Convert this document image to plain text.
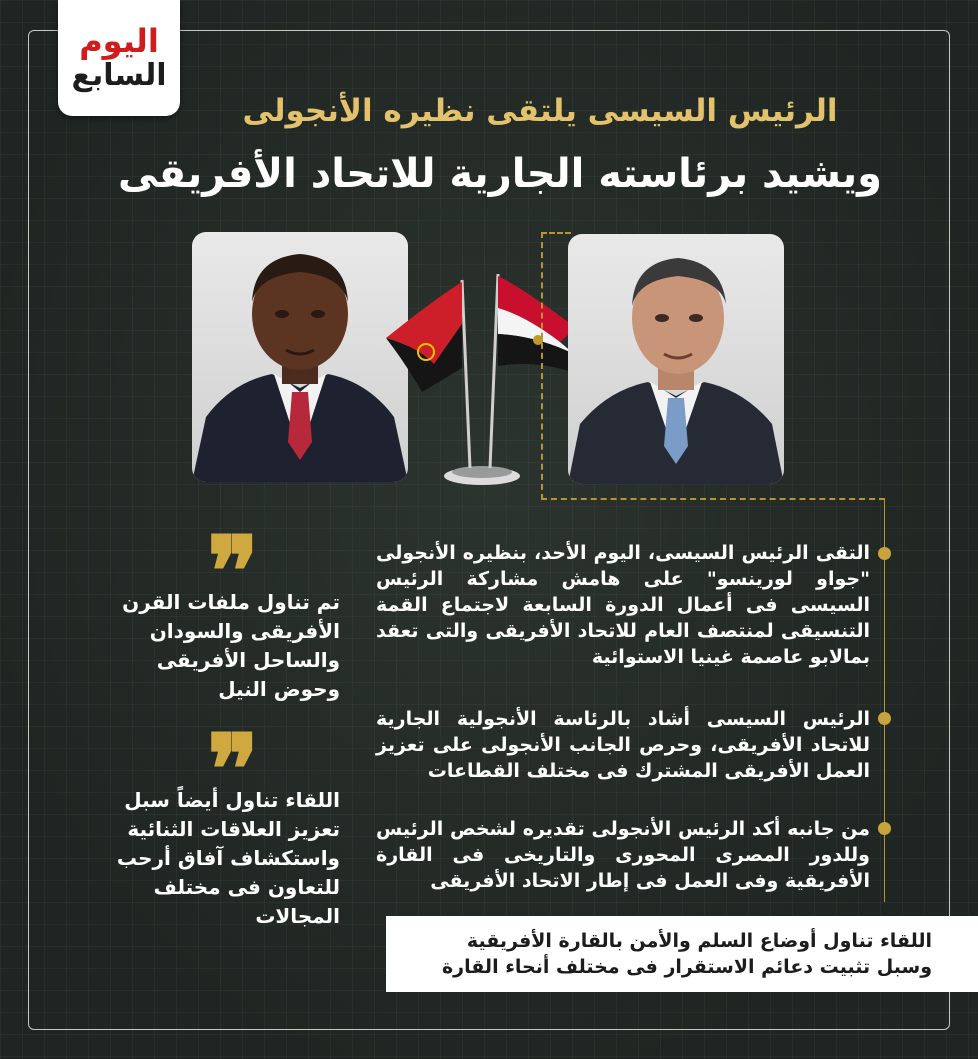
اليوم
السابع
الرئيس السيسى يلتقى نظيره الأنجولى
ويشيد برئاسته الجارية للاتحاد الأفريقى
التقى الرئيس السيسى، اليوم الأحد، بنظيره الأنجولى "جواو لورينسو" على هامش مشاركة الرئيس السيسى فى أعمال الدورة السابعة لاجتماع القمة التنسيقى لمنتصف العام للاتحاد الأفريقى والتى تعقد بمالابو عاصمة غينيا الاستوائية
الرئيس السيسى أشاد بالرئاسة الأنجولية الجارية للاتحاد الأفريقى، وحرص الجانب الأنجولى على تعزيز العمل الأفريقى المشترك فى مختلف القطاعات
من جانبه أكد الرئيس الأنجولى تقديره لشخص الرئيس وللدور المصرى المحورى والتاريخى فى القارة الأفريقية وفى العمل فى إطار الاتحاد الأفريقى
❞
تم تناول ملفات القرن الأفريقى والسودان والساحل الأفريقى وحوض النيل
❞
اللقاء تناول أيضاً سبل تعزيز العلاقات الثنائية واستكشاف آفاق أرحب للتعاون فى مختلف المجالات
اللقاء تناول أوضاع السلم والأمن بالقارة الأفريقية وسبل تثبيت دعائم الاستقرار فى مختلف أنحاء القارة
